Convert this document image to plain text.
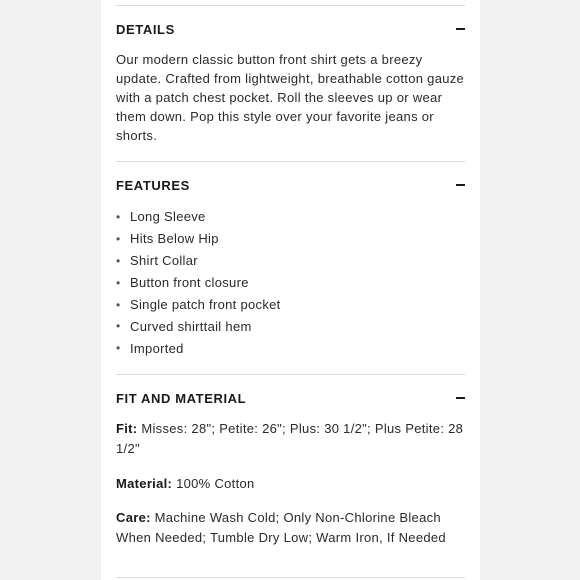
DETAILS

Our modern classic button front shirt gets a breezy update. Crafted from lightweight, breathable cotton gauze with a patch chest pocket. Roll the sleeves up or wear them down. Pop this style over your favorite jeans or shorts.

FEATURES
• Long Sleeve
• Hits Below Hip
• Shirt Collar
• Button front closure
• Single patch front pocket
• Curved shirttail hem
• Imported
FIT AND MATERIAL

Fit: Misses: 28"; Petite: 26"; Plus: 30 1/2"; Plus Petite: 28 1/2"

Material: 100% Cotton

Care: Machine Wash Cold; Only Non-Chlorine Bleach When Needed; Tumble Dry Low; Warm Iron, If Needed
